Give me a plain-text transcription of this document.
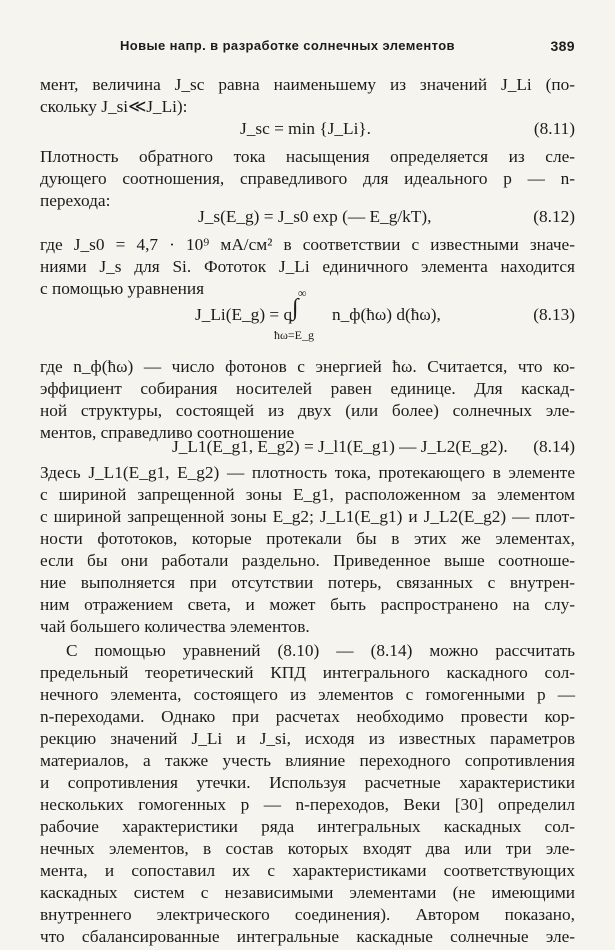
Новые напр. в разработке солнечных элементов	389
мент, величина J_sc равна наименьшему из значений J_Li (по-
скольку J_si≪J_Li):
J_sc = min {J_Li}.	(8.11)
Плотность обратного тока насыщения определяется из сле-
дующего соотношения, справедливого для идеального p — n-
перехода:
J_s(E_g) = J_s0 exp (— E_g/kT),	(8.12)
где J_s0 = 4,7 · 10⁹ мА/см² в соответствии с известными значе-
ниями J_s для Si. Фототок J_Li единичного элемента находится
с помощью уравнения
J_Li(E_g) = q
∞
∫
ħω=E_g
n_ф(ħω) d(ħω),	(8.13)
где n_ф(ħω) — число фотонов с энергией ħω. Считается, что ко-
эффициент собирания носителей равен единице. Для каскад-
ной структуры, состоящей из двух (или более) солнечных эле-
ментов, справедливо соотношение
J_L1(E_g1, E_g2) = J_l1(E_g1) — J_L2(E_g2). (8.14)
Здесь J_L1(E_g1, E_g2) — плотность тока, протекающего в элементе
с шириной запрещенной зоны E_g1, расположенном за элементом
с шириной запрещенной зоны E_g2; J_L1(E_g1) и J_L2(E_g2) — плот-
ности фототоков, которые протекали бы в этих же элементах,
если бы они работали раздельно. Приведенное выше соотноше-
ние выполняется при отсутствии потерь, связанных с внутрен-
ним отражением света, и может быть распространено на слу-
чай большего количества элементов.
С помощью уравнений (8.10) — (8.14) можно рассчитать
предельный теоретический КПД интегрального каскадного сол-
нечного элемента, состоящего из элементов с гомогенными p —
n-переходами. Однако при расчетах необходимо провести кор-
рекцию значений J_Li и J_si, исходя из известных параметров
материалов, а также учесть влияние переходного сопротивления
и сопротивления утечки. Используя расчетные характеристики
нескольких гомогенных p — n-переходов, Веки [30] определил
рабочие характеристики ряда интегральных каскадных сол-
нечных элементов, в состав которых входят два или три эле-
мента, и сопоставил их с характеристиками соответствующих
каскадных систем с независимыми элементами (не имеющими
внутреннего электрического соединения). Автором показано,
что сбалансированные интегральные каскадные солнечные эле-
